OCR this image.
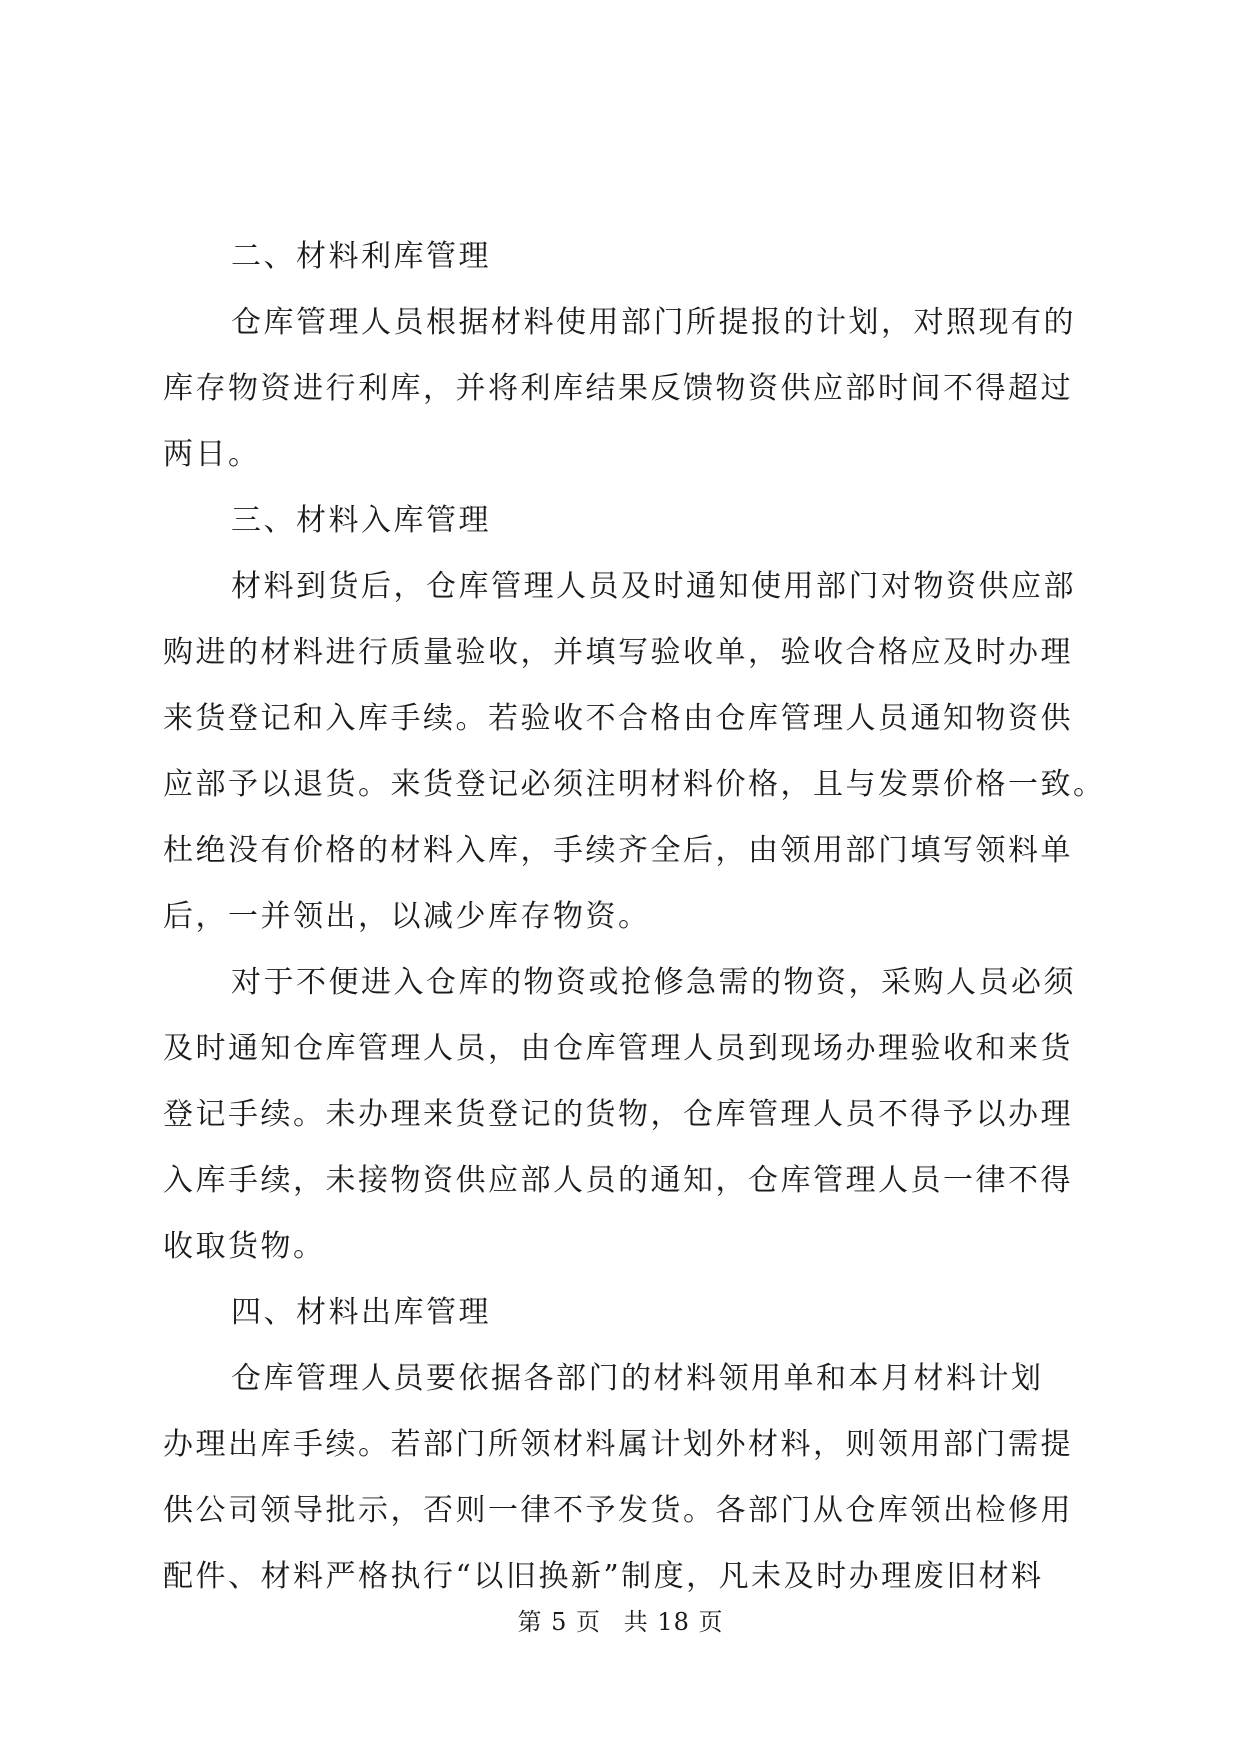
二、材料利库管理
仓库管理人员根据材料使用部门所提报的计划，对照现有的
库存物资进行利库，并将利库结果反馈物资供应部时间不得超过
两日。
三、材料入库管理
材料到货后，仓库管理人员及时通知使用部门对物资供应部
购进的材料进行质量验收，并填写验收单，验收合格应及时办理
来货登记和入库手续。若验收不合格由仓库管理人员通知物资供
应部予以退货。来货登记必须注明材料价格，且与发票价格一致。
杜绝没有价格的材料入库，手续齐全后，由领用部门填写领料单
后，一并领出，以减少库存物资。
对于不便进入仓库的物资或抢修急需的物资，采购人员必须
及时通知仓库管理人员，由仓库管理人员到现场办理验收和来货
登记手续。未办理来货登记的货物，仓库管理人员不得予以办理
入库手续，未接物资供应部人员的通知，仓库管理人员一律不得
收取货物。
四、材料出库管理
仓库管理人员要依据各部门的材料领用单和本月材料计划
办理出库手续。若部门所领材料属计划外材料，则领用部门需提
供公司领导批示，否则一律不予发货。各部门从仓库领出检修用
配件、材料严格执行“以旧换新”制度，凡未及时办理废旧材料
第 5 页 共 18 页
